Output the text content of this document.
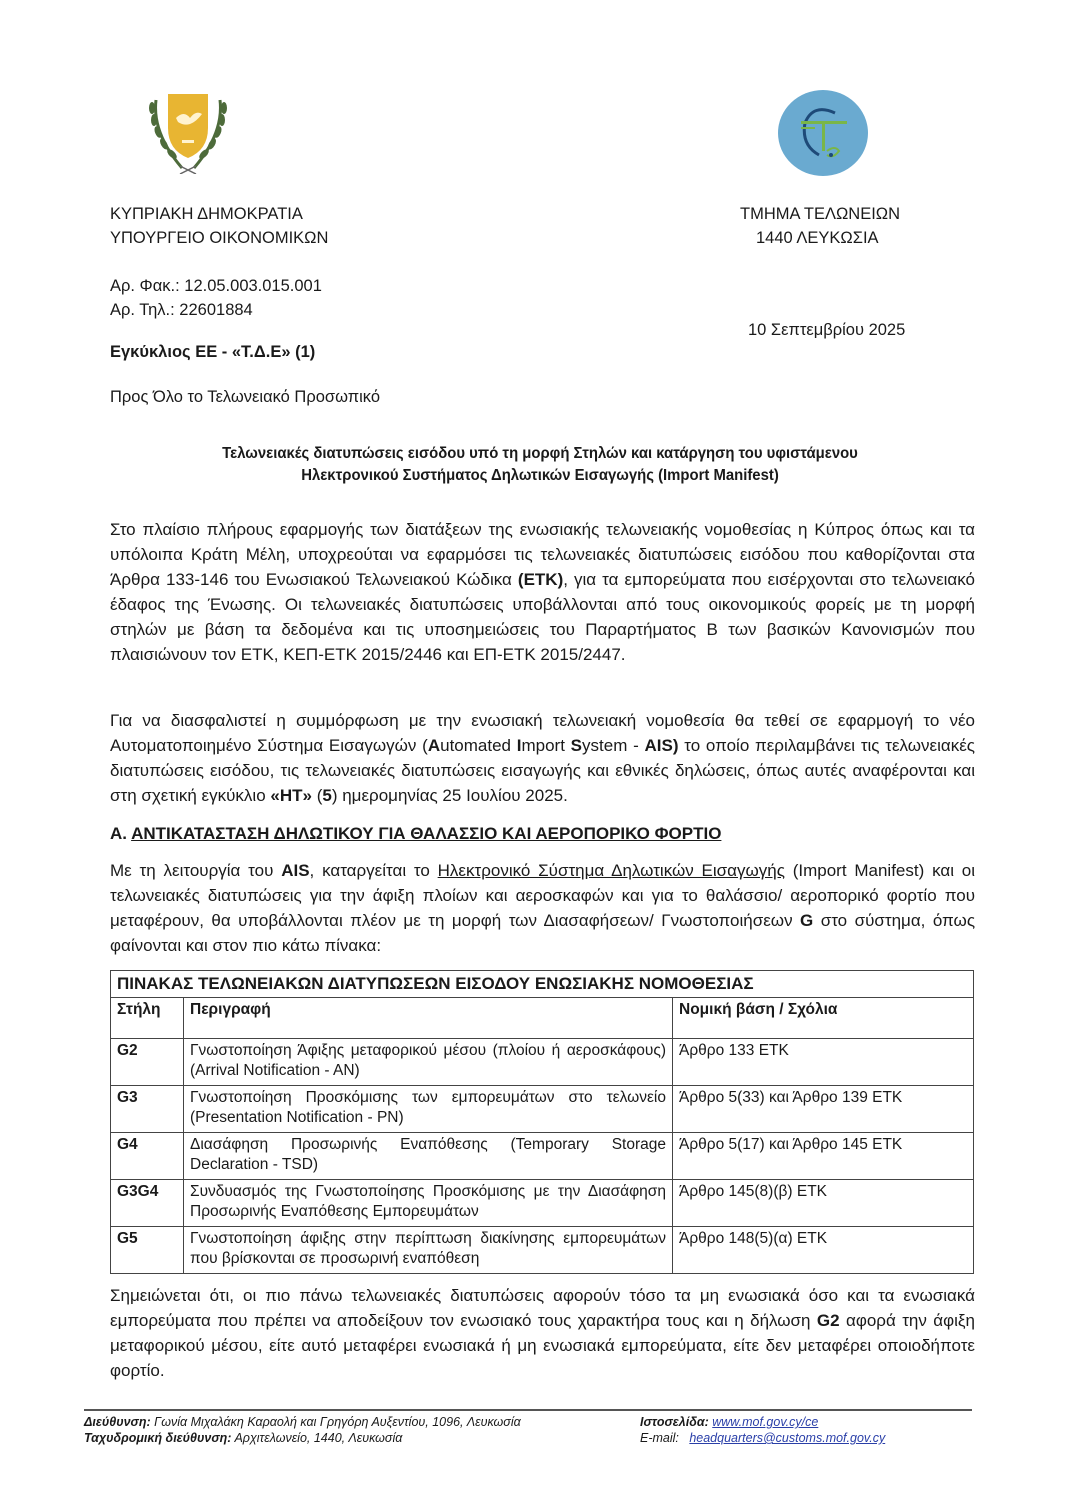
ΚΥΠΡΙΑΚΗ ΔΗΜΟΚΡΑΤΙΑ
ΥΠΟΥΡΓΕΙΟ ΟΙΚΟΝΟΜΙΚΩΝ
ΤΜΗΜΑ ΤΕΛΩΝΕΙΩΝ
1440 ΛΕΥΚΩΣΙΑ
Αρ. Φακ.: 12.05.003.015.001
Αρ. Τηλ.: 22601884
10 Σεπτεμβρίου 2025
Εγκύκλιος ΕΕ - «Τ.Δ.Ε» (1)
Προς Όλο το Τελωνειακό Προσωπικό
Τελωνειακές διατυπώσεις εισόδου υπό τη μορφή Στηλών και κατάργηση του υφιστάμενου
Ηλεκτρονικού Συστήματος Δηλωτικών Εισαγωγής (Import Manifest)
Στο πλαίσιο πλήρους εφαρμογής των διατάξεων της ενωσιακής τελωνειακής νομοθεσίας η Κύπρος όπως και τα υπόλοιπα Κράτη Μέλη, υποχρεούται να εφαρμόσει τις τελωνειακές διατυπώσεις εισόδου που καθορίζονται στα Άρθρα 133-146 του Ενωσιακού Τελωνειακού Κώδικα (ΕΤΚ), για τα εμπορεύματα που εισέρχονται στο τελωνειακό έδαφος της Ένωσης. Οι τελωνειακές διατυπώσεις υποβάλλονται από τους οικονομικούς φορείς με τη μορφή στηλών με βάση τα δεδομένα και τις υποσημειώσεις του Παραρτήματος Β των βασικών Κανονισμών που πλαισιώνουν τον ΕΤΚ, ΚΕΠ-ΕΤΚ 2015/2446 και ΕΠ-ΕΤΚ 2015/2447.
Για να διασφαλιστεί η συμμόρφωση με την ενωσιακή τελωνειακή νομοθεσία θα τεθεί σε εφαρμογή το νέο Αυτοματοποιημένο Σύστημα Εισαγωγών (Automated Import System - AIS) το οποίο περιλαμβάνει τις τελωνειακές διατυπώσεις εισόδου, τις τελωνειακές διατυπώσεις εισαγωγής και εθνικές δηλώσεις, όπως αυτές αναφέρονται και στη σχετική εγκύκλιο «ΗΤ» (5) ημερομηνίας 25 Ιουλίου 2025.
Α. ΑΝΤΙΚΑΤΑΣΤΑΣΗ ΔΗΛΩΤΙΚΟΥ ΓΙΑ ΘΑΛΑΣΣΙΟ ΚΑΙ ΑΕΡΟΠΟΡΙΚΟ ΦΟΡΤΙΟ
Με τη λειτουργία του AIS, καταργείται το Ηλεκτρονικό Σύστημα Δηλωτικών Εισαγωγής (Import Manifest) και οι τελωνειακές διατυπώσεις για την άφιξη πλοίων και αεροσκαφών και για το θαλάσσιο/ αεροπορικό φορτίο που μεταφέρουν, θα υποβάλλονται πλέον με τη μορφή των Διασαφήσεων/ Γνωστοποιήσεων G στο σύστημα, όπως φαίνονται και στον πιο κάτω πίνακα:
ΠΙΝΑΚΑΣ ΤΕΛΩΝΕΙΑΚΩΝ ΔΙΑΤΥΠΩΣΕΩΝ ΕΙΣΟΔΟΥ ΕΝΩΣΙΑΚΗΣ ΝΟΜΟΘΕΣΙΑΣ		
Στήλη	Περιγραφή	Νομική βάση / Σχόλια
G2	Γνωστοποίηση Άφιξης μεταφορικού μέσου (πλοίου ή αεροσκάφους) (Arrival Notification - AN)	Άρθρο 133 ΕΤΚ
G3	Γνωστοποίηση Προσκόμισης των εμπορευμάτων στο τελωνείο (Presentation Notification - PN)	Άρθρο 5(33) και Άρθρο 139 ΕΤΚ
G4	Διασάφηση Προσωρινής Εναπόθεσης (Temporary Storage Declaration - TSD)	Άρθρο 5(17) και Άρθρο 145 ΕΤΚ
G3G4	Συνδυασμός της Γνωστοποίησης Προσκόμισης με την Διασάφηση Προσωρινής Εναπόθεσης Εμπορευμάτων	Άρθρο 145(8)(β) ΕΤΚ
G5	Γνωστοποίηση άφιξης στην περίπτωση διακίνησης εμπορευμάτων που βρίσκονται σε προσωρινή εναπόθεση	Άρθρο 148(5)(α) ΕΤΚ
Σημειώνεται ότι, οι πιο πάνω τελωνειακές διατυπώσεις αφορούν τόσο τα μη ενωσιακά όσο και τα ενωσιακά εμπορεύματα που πρέπει να αποδείξουν τον ενωσιακό τους χαρακτήρα τους και η δήλωση G2 αφορά την άφιξη μεταφορικού μέσου, είτε αυτό μεταφέρει ενωσιακά ή μη ενωσιακά εμπορεύματα, είτε δεν μεταφέρει οποιοδήποτε φορτίο.
Διεύθυνση: Γωνία Μιχαλάκη Καραολή και Γρηγόρη Αυξεντίου, 1096, Λευκωσία
Ταχυδρομική διεύθυνση: Αρχιτελωνείο, 1440, Λευκωσία
Ιστοσελίδα: www.mof.gov.cy/ce
E-mail: headquarters@customs.mof.gov.cy
